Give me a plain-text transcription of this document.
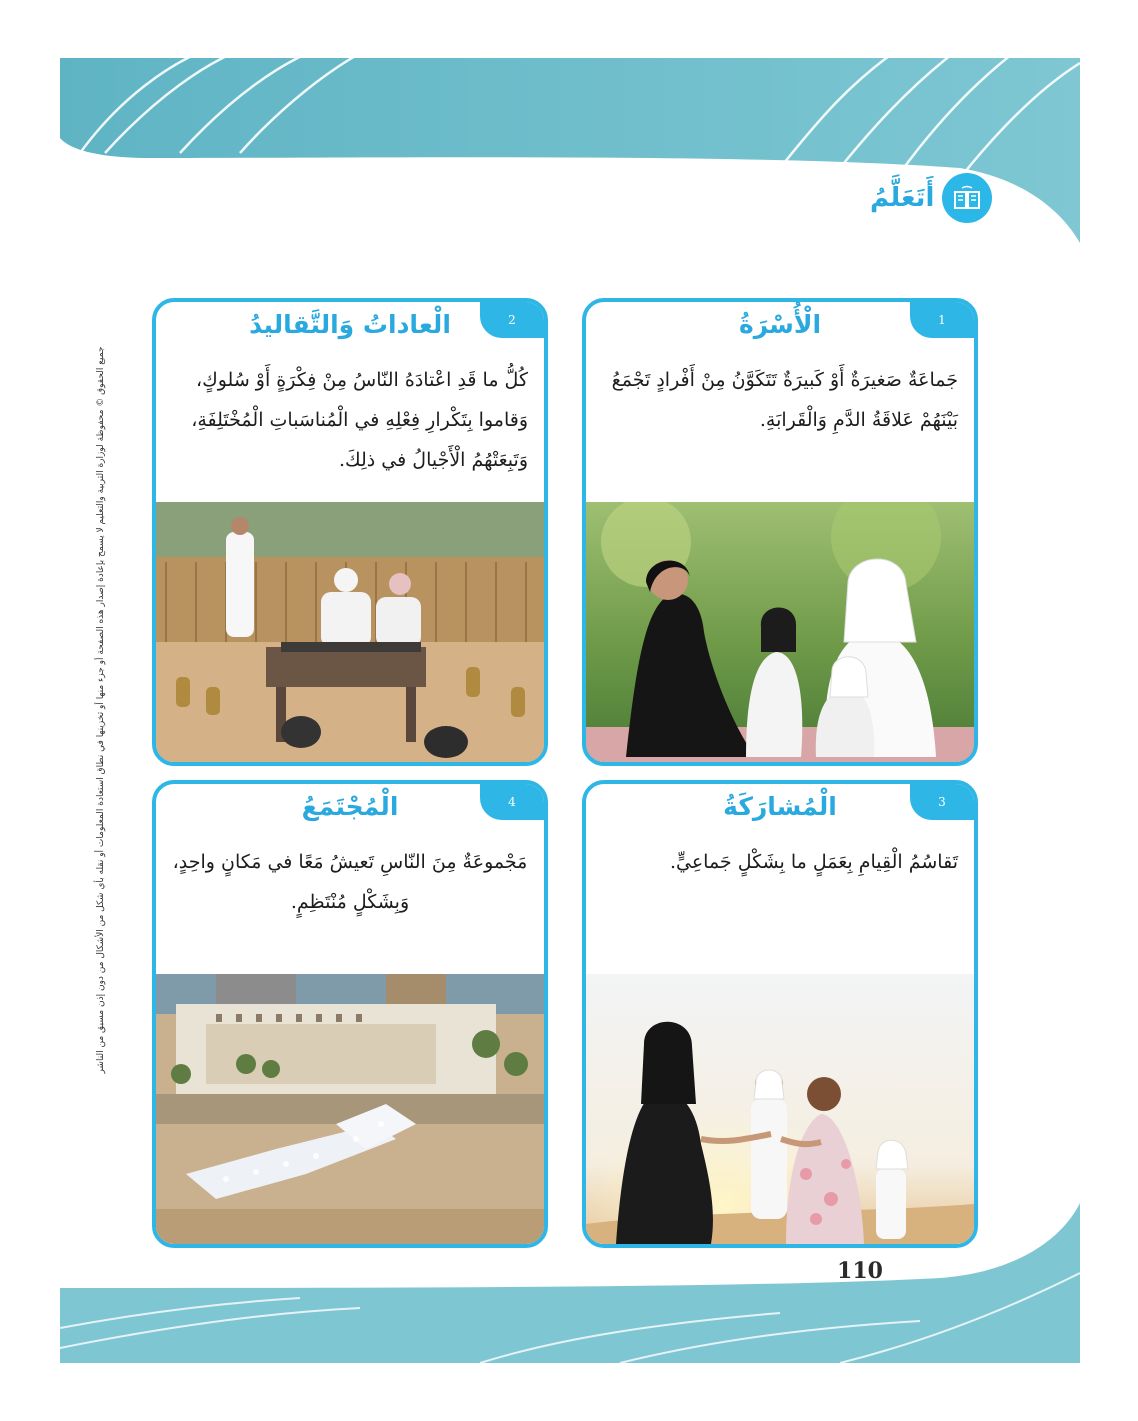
أَتَعَلَّمُ
110
1
الْأُسْرَةُ
جَماعَةٌ صَغيرَةٌ أَوْ كَبيرَةٌ تَتَكَوَّنُ مِنْ أَفْرادٍ تَجْمَعُ بَيْنَهُمْ عَلاقَةُ الدَّمِ وَالْقَرابَةِ.
2
الْعاداتُ وَالتَّقاليدُ
كُلُّ ما قَدِ اعْتادَهُ النّاسُ مِنْ فِكْرَةٍ أَوْ سُلوكٍ، وَقاموا بِتَكْرارِ فِعْلِهِ في الْمُناسَباتِ الْمُخْتَلِفَةِ، وَتَبِعَتْهُمُ الْأَجْيالُ في ذلِكَ.
3
الْمُشارَكَةُ
تَقاسُمُ الْقِيامِ بِعَمَلٍ ما بِشَكْلٍ جَماعِيٍّ.
4
الْمُجْتَمَعُ
مَجْموعَةٌ مِنَ النّاسِ تَعيشُ مَعًا في مَكانٍ واحِدٍ، وَبِشَكْلٍ مُنْتَظِمٍ.
جميع الحقوق © محفوظة لوزارة التربية والتعليم لا يسمح بإعادة إصدار هذه الصفحة أو جزء منها أو تخزينها في نطاق استعادة المعلومات أو نقله بأي شكل من الأشكال من دون إذن مسبق من الناشر
